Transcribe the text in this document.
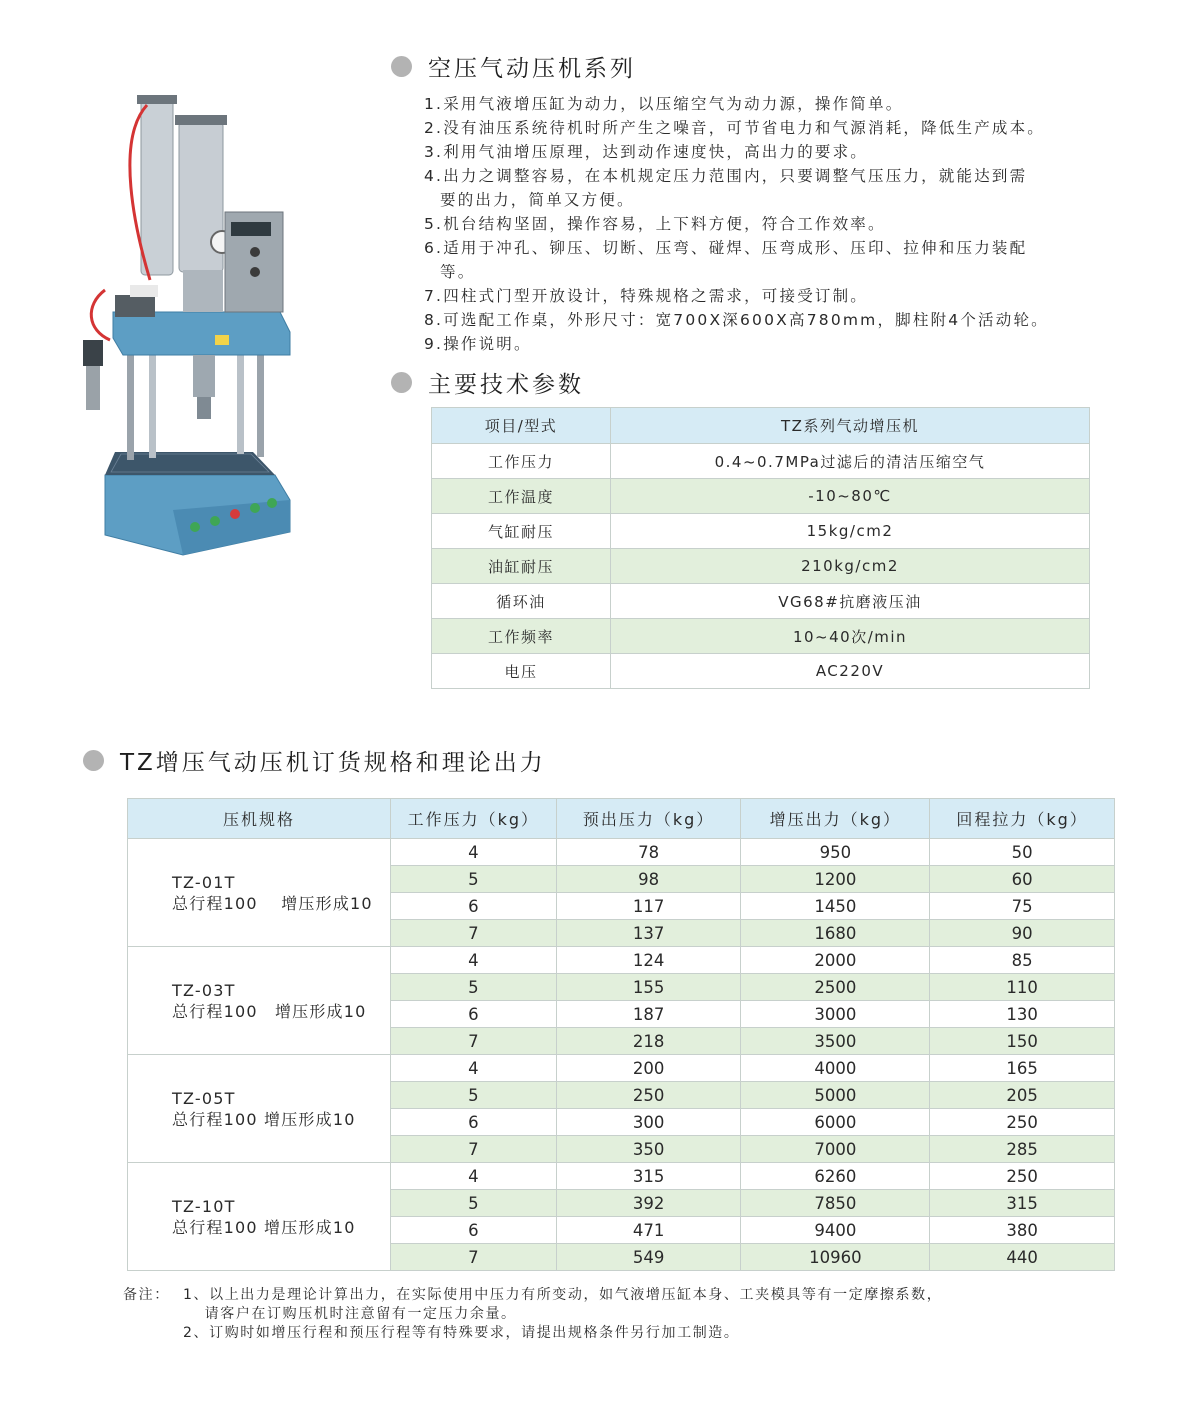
空压气动压机系列
1.采用气液增压缸为动力，以压缩空气为动力源，操作简单。
2.没有油压系统待机时所产生之噪音，可节省电力和气源消耗，降低生产成本。
3.利用气油增压原理，达到动作速度快，高出力的要求。
4.出力之调整容易，在本机规定压力范围内，只要调整气压压力，就能达到需
要的出力，简单又方便。
5.机台结构坚固，操作容易，上下料方便，符合工作效率。
6.适用于冲孔、铆压、切断、压弯、碰焊、压弯成形、压印、拉伸和压力装配
等。
7.四柱式门型开放设计，特殊规格之需求，可接受订制。
8.可选配工作桌，外形尺寸：宽700X深600X高780mm，脚柱附4个活动轮。
9.操作说明。
主要技术参数
项目/型式	TZ系列气动增压机
工作压力	0.4~0.7MPa过滤后的清洁压缩空气
工作温度	-10~80℃
气缸耐压	15kg/cm2
油缸耐压	210kg/cm2
循环油	VG68#抗磨液压油
工作频率	10~40次/min
电压	AC220V
TZ增压气动压机订货规格和理论出力
压机规格	工作压力（kg）	预出压力（kg）	增压出力（kg）	回程拉力（kg）

TZ-01T
总行程100　 增压形成10	4	78	950	50
	5	98	1200	60
	6	117	1450	75
	7	137	1680	90

TZ-03T
总行程100　增压形成10	4	124	2000	85
	5	155	2500	110
	6	187	3000	130
	7	218	3500	150

TZ-05T
总行程100 增压形成10	4	200	4000	165
	5	250	5000	205
	6	300	6000	250
	7	350	7000	285

TZ-10T
总行程100 增压形成10	4	315	6260	250
	5	392	7850	315
	6	471	9400	380
	7	549	10960	440
备注： 1、以上出力是理论计算出力，在实际使用中压力有所变动，如气液增压缸本身、工夹模具等有一定摩擦系数，
　 请客户在订购压机时注意留有一定压力余量。
2、订购时如增压行程和预压行程等有特殊要求，请提出规格条件另行加工制造。
